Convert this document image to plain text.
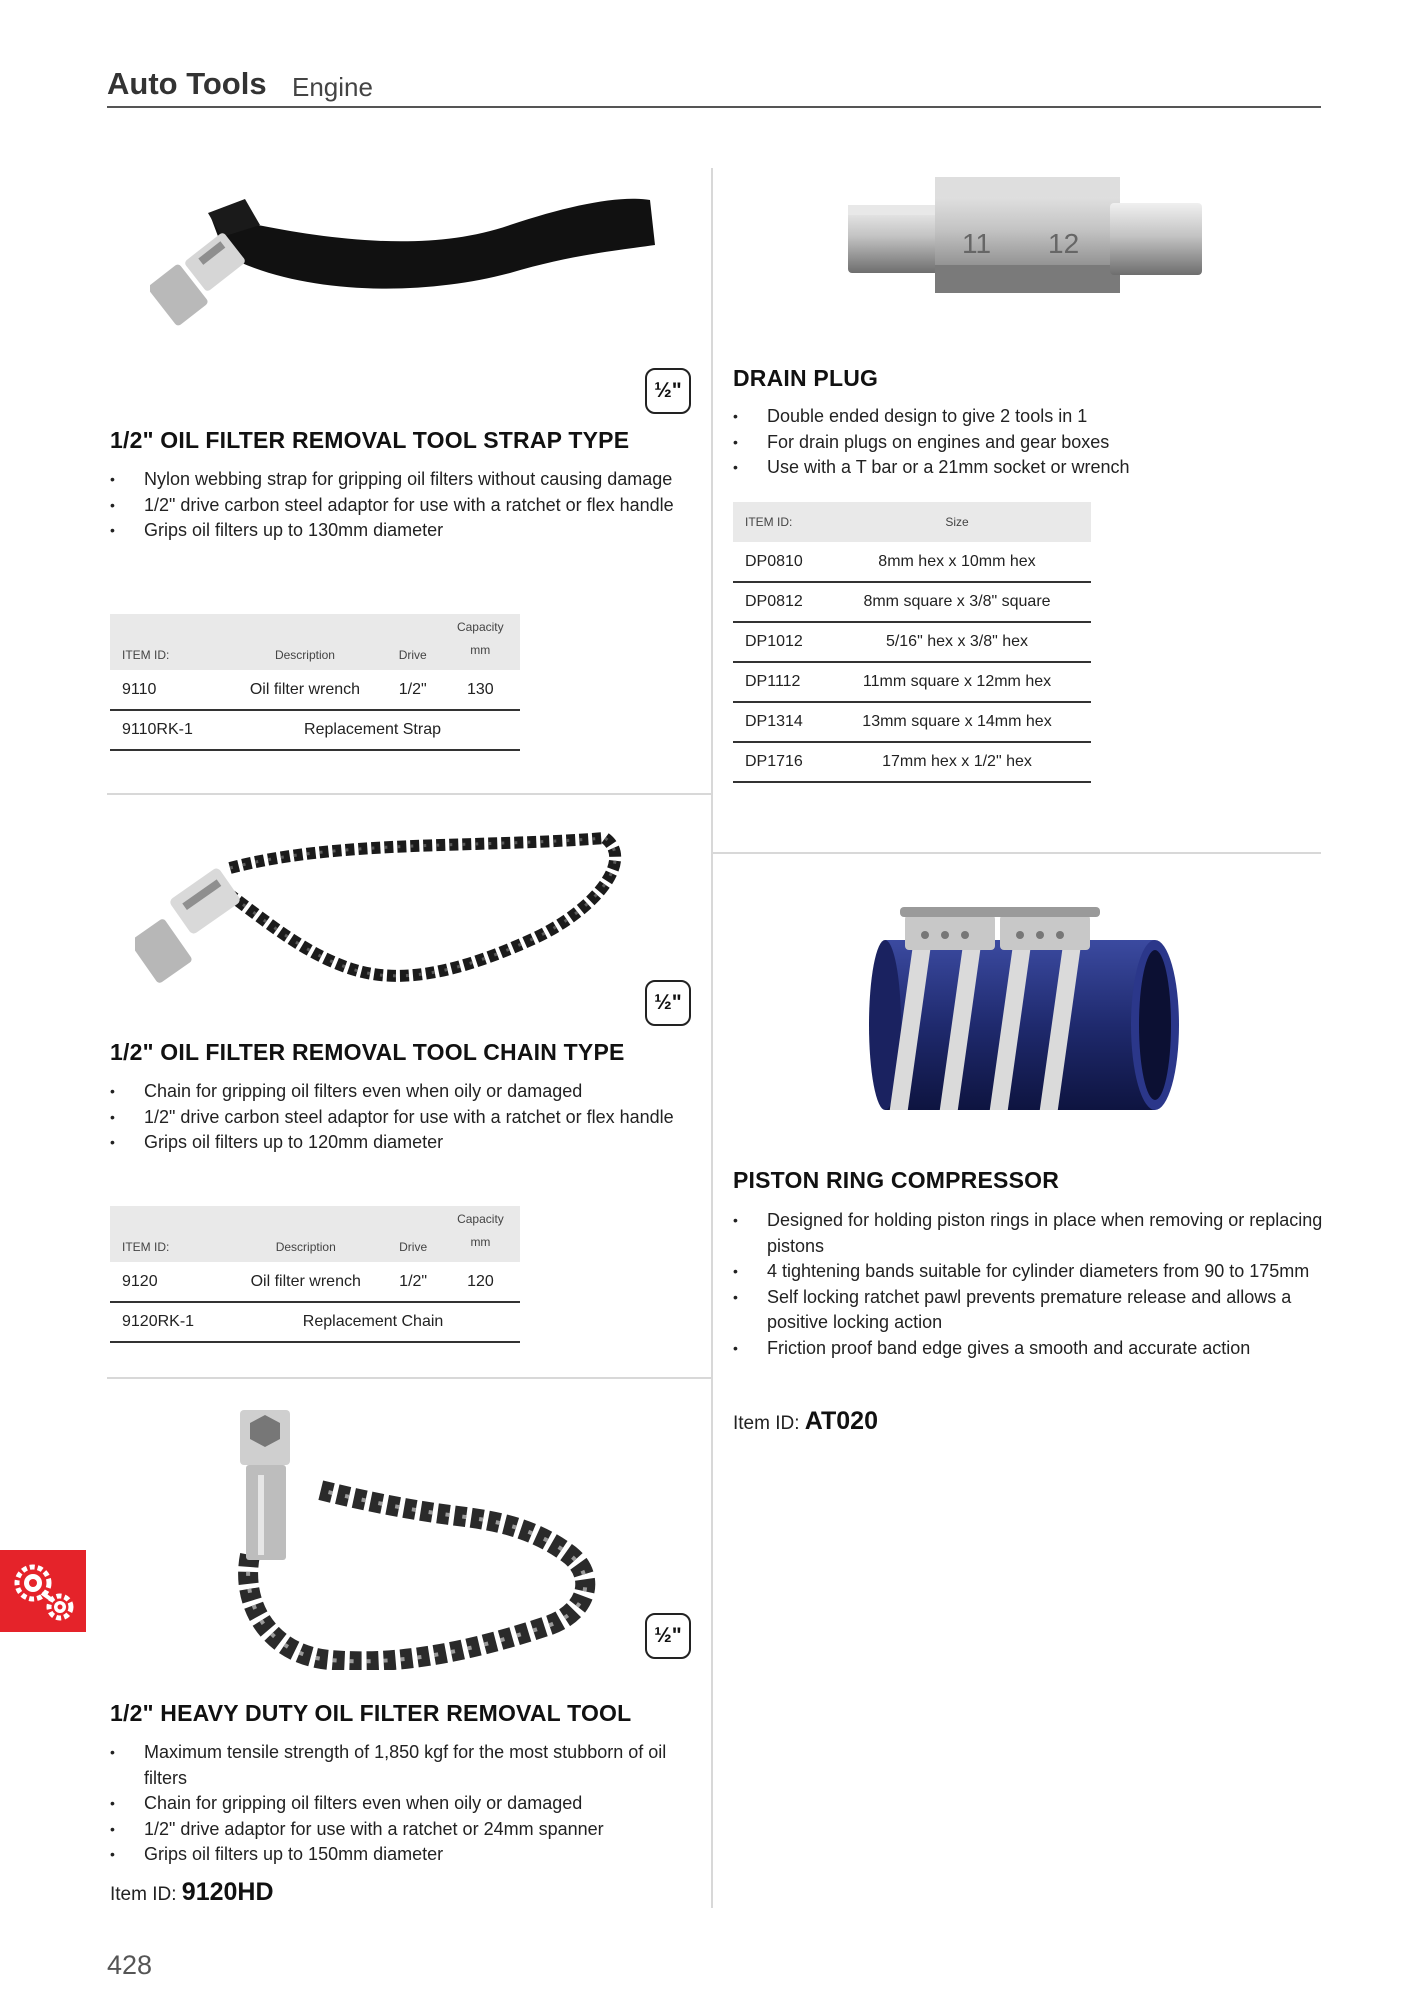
Auto Tools Engine
½"
1/2" OIL FILTER REMOVAL TOOL STRAP TYPE
• Nylon webbing strap for gripping oil filters without causing damage
• 1/2" drive carbon steel adaptor for use with a ratchet or flex handle
• Grips oil filters up to 130mm diameter
ITEM ID:	Description	Drive	Capacity
mm
9110	Oil filter wrench	1/2"	130
9110RK-1	Replacement Strap		
½"
1/2" OIL FILTER REMOVAL TOOL CHAIN TYPE
• Chain for gripping oil filters even when oily or damaged
• 1/2" drive carbon steel adaptor for use with a ratchet or flex handle
• Grips oil filters up to 120mm diameter
ITEM ID:	Description	Drive	Capacity
mm
9120	Oil filter wrench	1/2"	120
9120RK-1	Replacement Chain		
½"
1/2" HEAVY DUTY OIL FILTER REMOVAL TOOL
• Maximum tensile strength of 1,850 kgf for the most stubborn of oil filters
• Chain for gripping oil filters even when oily or damaged
• 1/2" drive adaptor for use with a ratchet or 24mm spanner
• Grips oil filters up to 150mm diameter
Item ID: 9120HD
11 12
DRAIN PLUG
• Double ended design to give 2 tools in 1
• For drain plugs on engines and gear boxes
• Use with a T bar or a 21mm socket or wrench
ITEM ID:	Size
DP0810	8mm hex x 10mm hex
DP0812	8mm square x 3/8" square
DP1012	5/16" hex x 3/8" hex
DP1112	11mm square x 12mm hex
DP1314	13mm square x 14mm hex
DP1716	17mm hex x 1/2" hex
PISTON RING COMPRESSOR
• Designed for holding piston rings in place when removing or replacing pistons
• 4 tightening bands suitable for cylinder diameters from 90 to 175mm
• Self locking ratchet pawl prevents premature release and allows a positive locking action
• Friction proof band edge gives a smooth and accurate action
Item ID: AT020
428
